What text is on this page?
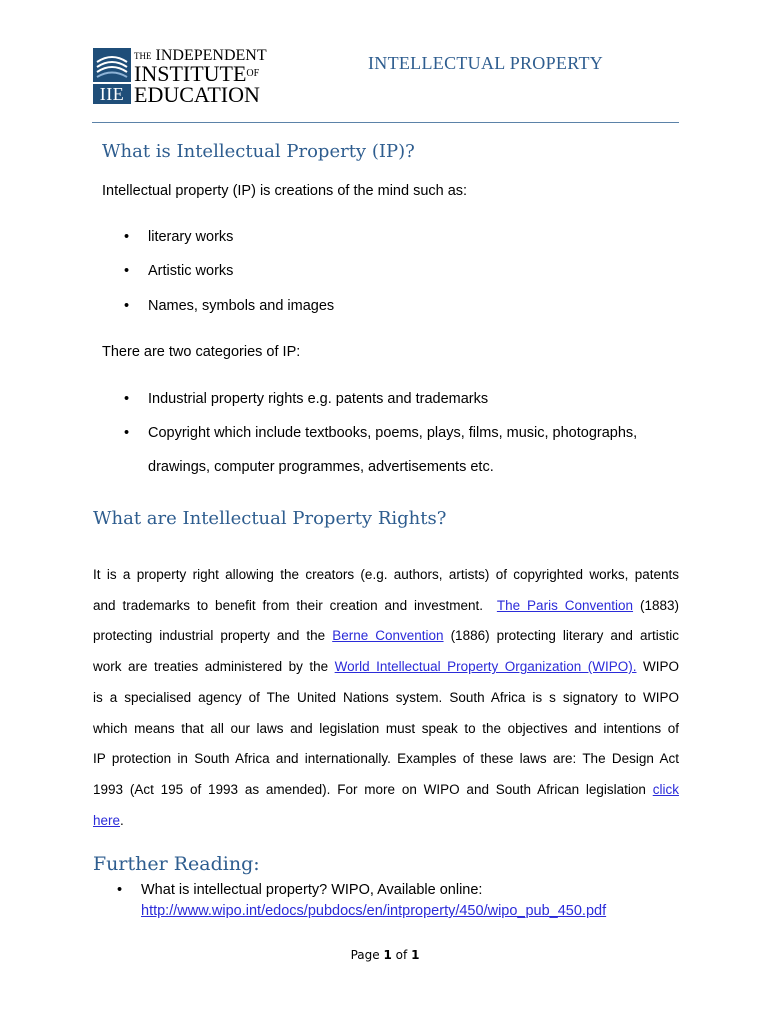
IIE
$^{THE}$ INDEPENDENT
$INSTITUTE^{OF}$
EDUCATION
INTELLECTUAL PROPERTY
What is Intellectual Property (IP)?
Intellectual property (IP) is creations of the mind such as:
• literary works
• Artistic works
• Names, symbols and images
There are two categories of IP:
• Industrial property rights e.g. patents and trademarks
• Copyright which include textbooks, poems, plays, films, music, photographs,
drawings, computer programmes, advertisements etc.
What are Intellectual Property Rights?
It is a property right allowing the creators (e.g. authors, artists) of copyrighted works, patents
and trademarks to benefit from their creation and investment. The Paris Convention (1883)
protecting industrial property and the Berne Convention (1886) protecting literary and artistic
work are treaties administered by the World Intellectual Property Organization (WIPO). WIPO
is a specialised agency of The United Nations system. South Africa is s signatory to WIPO
which means that all our laws and legislation must speak to the objectives and intentions of
IP protection in South Africa and internationally. Examples of these laws are: The Design Act
1993 (Act 195 of 1993 as amended). For more on WIPO and South African legislation click
here.
Further Reading:
• What is intellectual property? WIPO, Available online:
http://www.wipo.int/edocs/pubdocs/en/intproperty/450/wipo_pub_450.pdf
Page 1 of 1
